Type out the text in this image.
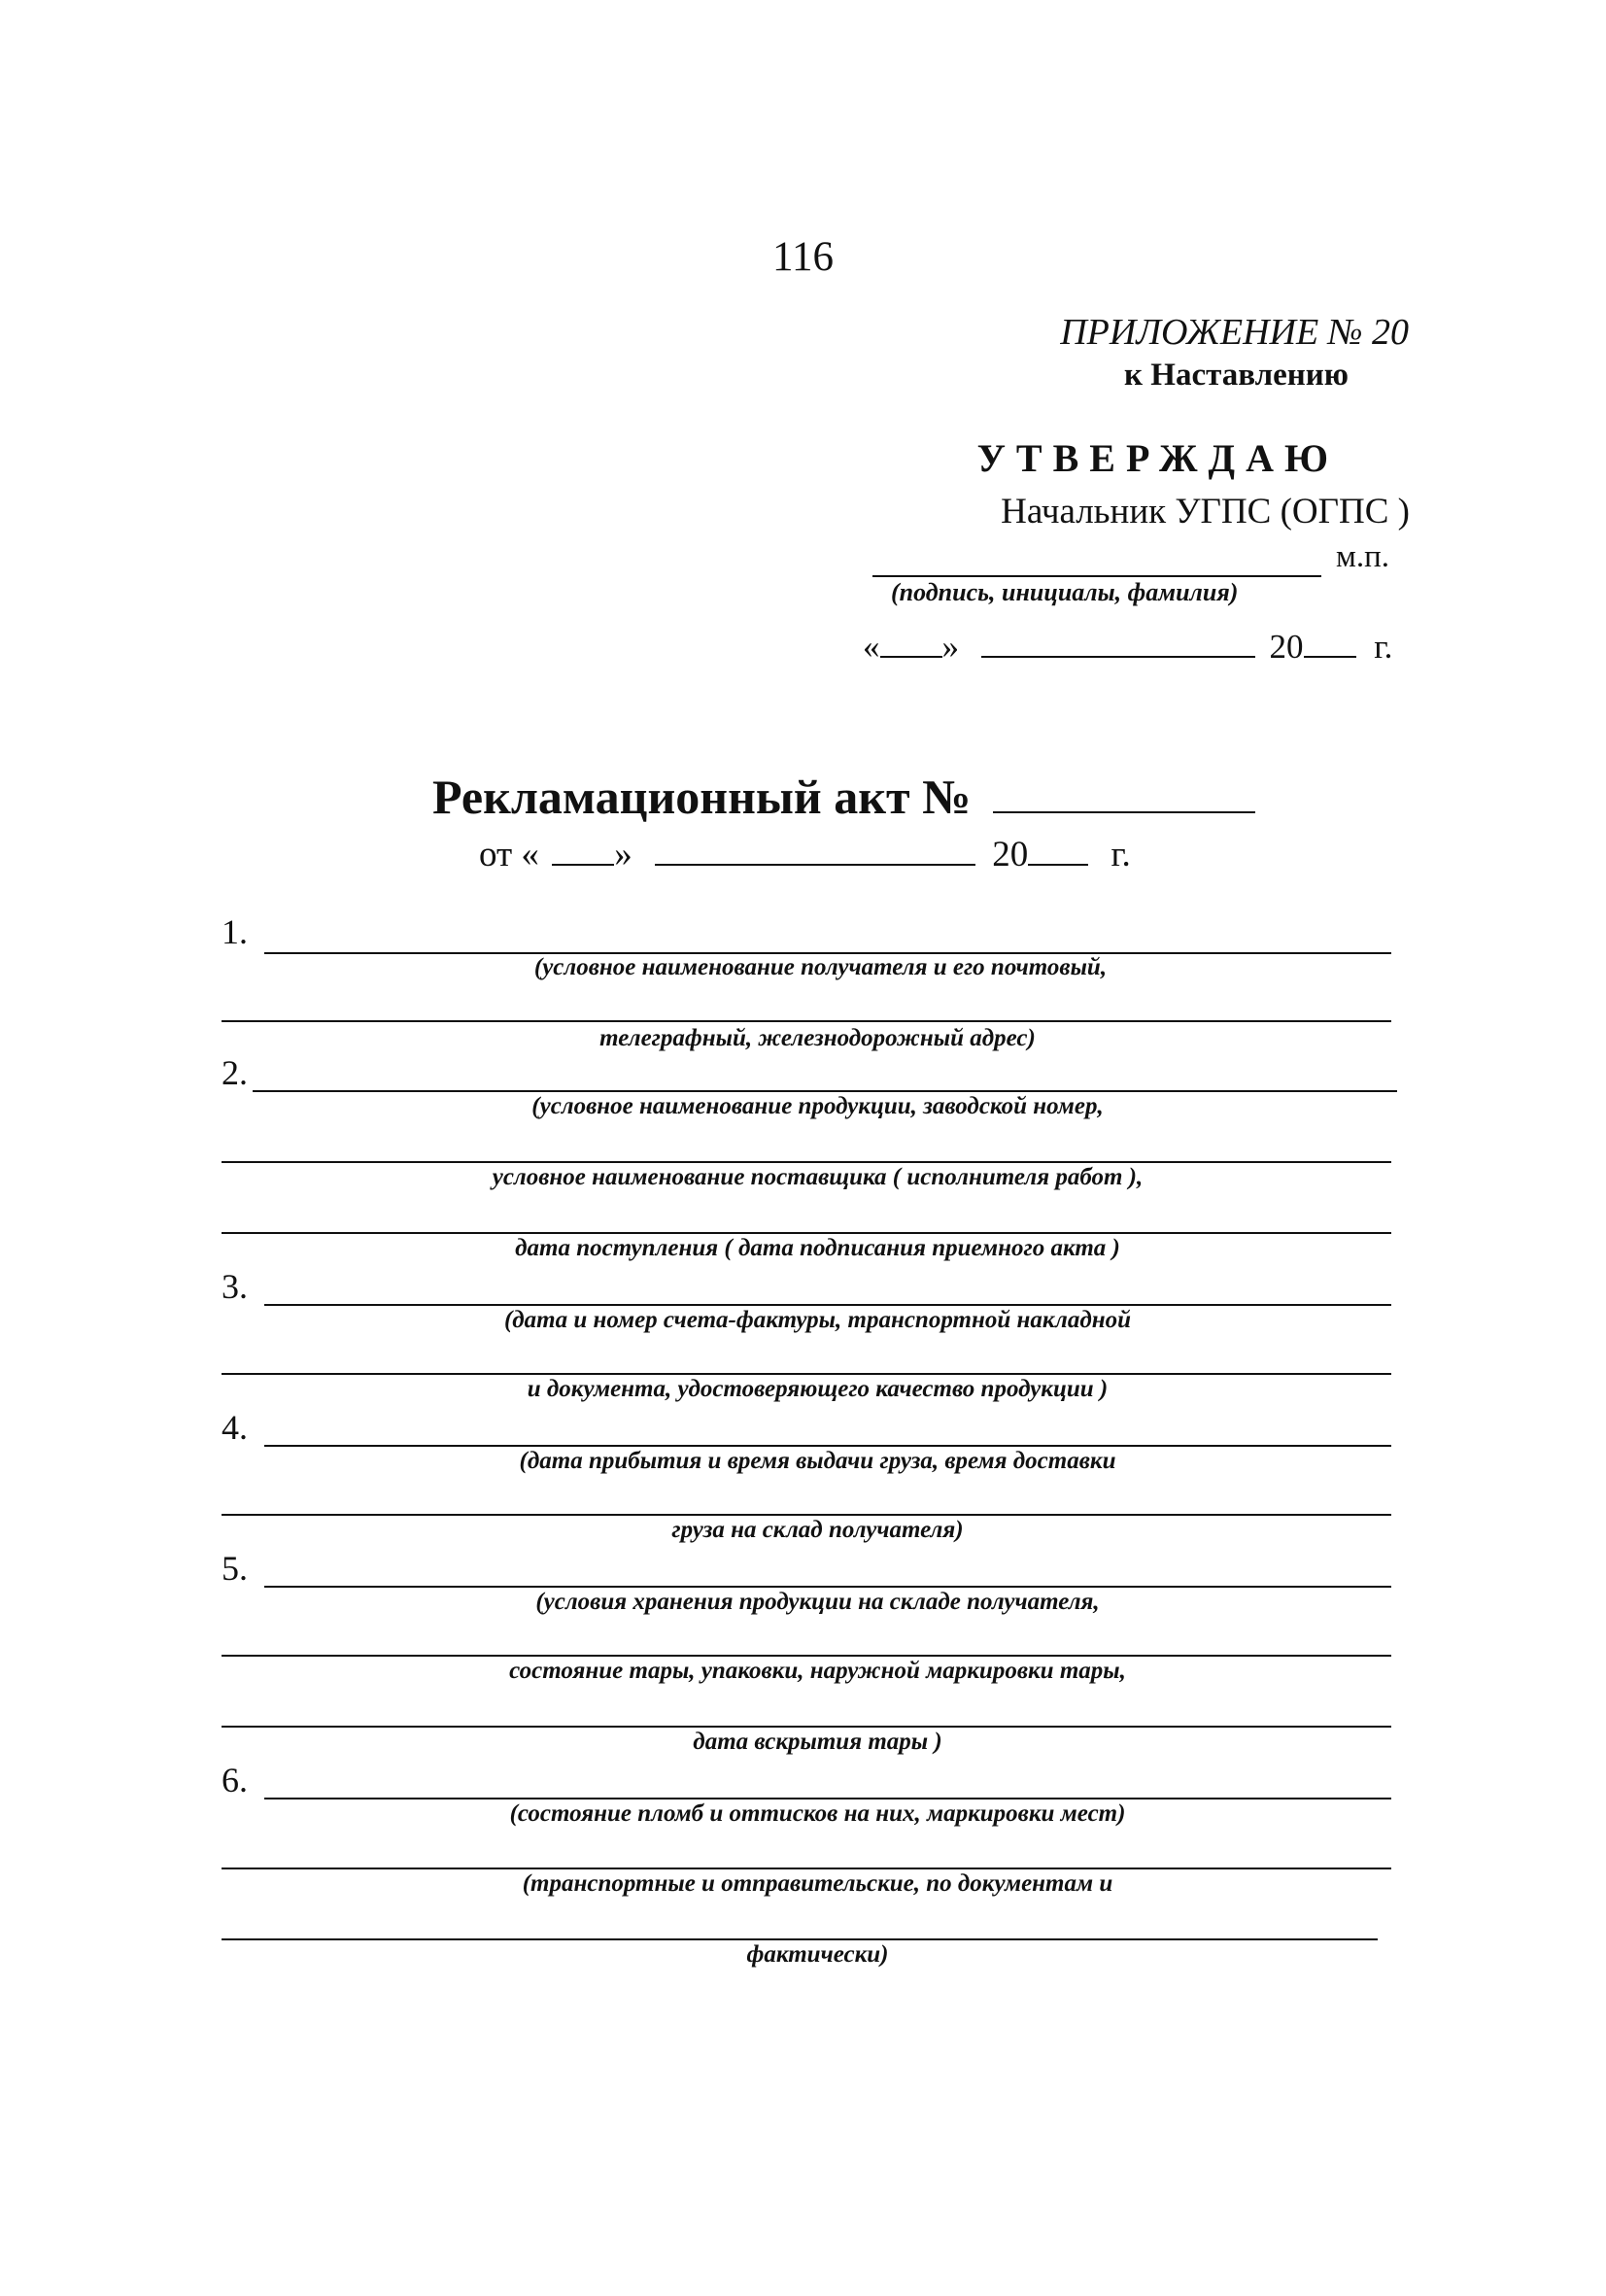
116
ПРИЛОЖЕНИЕ № 20
к Наставлению
УТВЕРЖДАЮ
Начальник УГПС (ОГПС )
м.п.
(подпись, инициалы, фамилия)
« »	20 г.
Рекламационный акт №
от « »	20 г.
1.
(условное наименование получателя и его почтовый,
телеграфный, железнодорожный адрес)
2.
(условное наименование продукции, заводской номер,
условное наименование поставщика ( исполнителя работ ),
дата поступления ( дата подписания приемного акта )
3.
(дата и номер счета-фактуры, транспортной накладной
и документа, удостоверяющего качество продукции )
4.
(дата прибытия и время выдачи груза, время доставки
груза на склад получателя)
5.
(условия хранения продукции на складе получателя,
состояние тары, упаковки, наружной маркировки тары,
дата вскрытия тары )
6.
(состояние пломб и оттисков на них, маркировки мест)
(транспортные и отправительские, по документам и
фактически)
